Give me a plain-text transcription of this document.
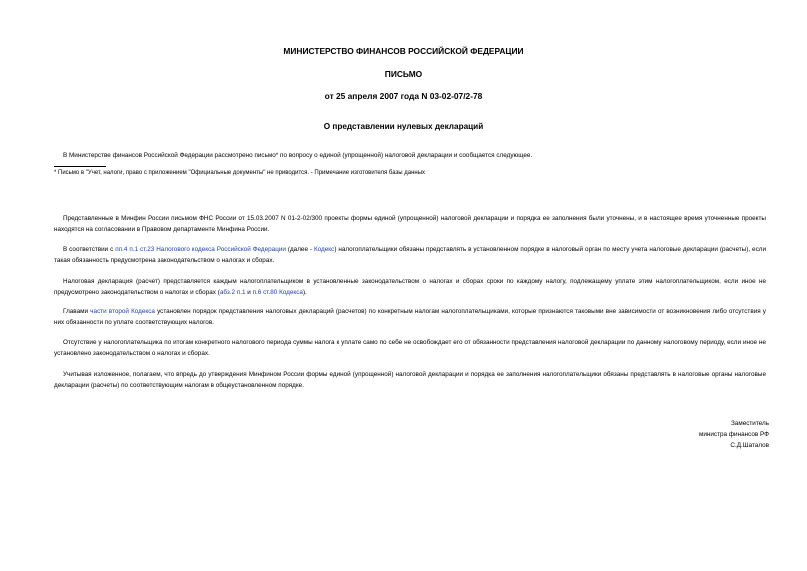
МИНИСТЕРСТВО ФИНАНСОВ РОССИЙСКОЙ ФЕДЕРАЦИИ
ПИСЬМО
от 25 апреля 2007 года N 03-02-07/2-78
О представлении нулевых деклараций

В Министерстве финансов Российской Федерации рассмотрено письмо* по вопросу о единой (упрощенной) налоговой декларации и сообщается следующее.

* Письмо в "Учет, налоги, право с приложением "Официальные документы" не приводится. - Примечание изготовителя базы данных

Представленные в Минфин России письмом ФНС России от 15.03.2007 N 01-2-02/300 проекты формы единой (упрощенной) налоговой декларации и порядка ее заполнения были уточнены, и в настоящее время уточненные проекты находятся на согласовании в Правовом департаменте Минфина России.

В соответствии с пп.4 п.1 ст.23 Налогового кодекса Российской Федерации (далее - Кодекс) налогоплательщики обязаны представлять в установленном порядке в налоговый орган по месту учета налоговые декларации (расчеты), если такая обязанность предусмотрена законодательством о налогах и сборах.

Налоговая декларация (расчет) представляется каждым налогоплательщиком в установленные законодательством о налогах и сборах сроки по каждому налогу, подлежащему уплате этим налогоплательщиком, если иное не предусмотрено законодательством о налогах и сборах (абз.2 п.1 и п.6 ст.80 Кодекса).

Главами части второй Кодекса установлен порядок представления налоговых деклараций (расчетов) по конкретным налогам налогоплательщиками, которые признаются таковыми вне зависимости от возникновения либо отсутствия у них обязанности по уплате соответствующих налогов.

Отсутствие у налогоплательщика по итогам конкретного налогового периода суммы налога к уплате само по себе не освобождает его от обязанности представления налоговой декларации по данному налоговому периоду, если иное не установлено законодательством о налогах и сборах.

Учитывая изложенное, полагаем, что впредь до утверждения Минфином России формы единой (упрощенной) налоговой декларации и порядка ее заполнения налогоплательщики обязаны представлять в налоговые органы налоговые декларации (расчеты) по соответствующим налогам в общеустановленном порядке.

Заместитель
министра финансов РФ
С.Д.Шаталов
